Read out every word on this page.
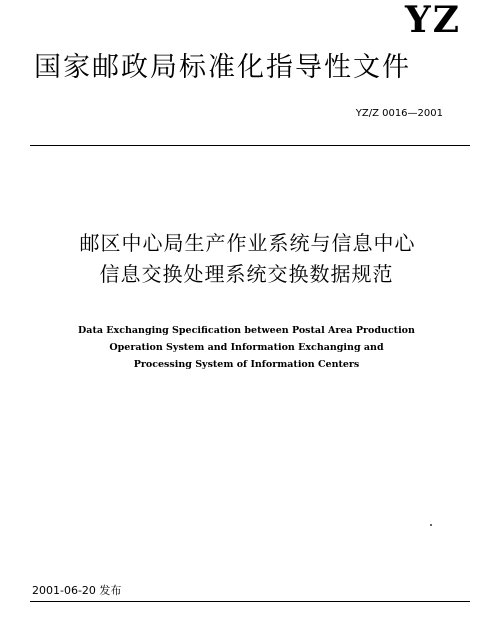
YZ
国家邮政局标准化指导性文件
YZ/Z 0016—2001
邮区中心局生产作业系统与信息中心
信息交换处理系统交换数据规范
Data Exchanging Specification between Postal Area Production
Operation System and Information Exchanging and
Processing System of Information Centers
2001-06-20 发布
